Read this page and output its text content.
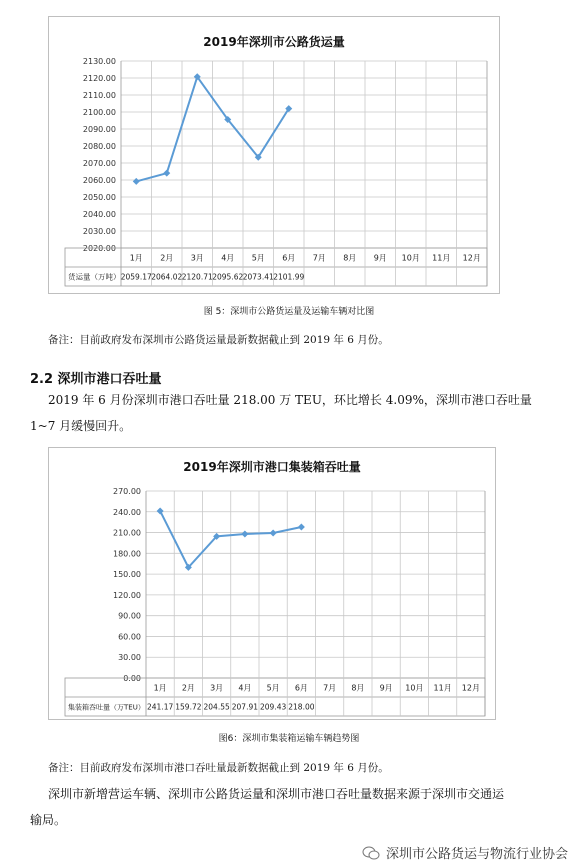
2019年深圳市公路货运量
2020.00
2030.00
2040.00
2050.00
2060.00
2070.00
2080.00
2090.00
2100.00
2110.00
2120.00
2130.00
货运量（万吨）
1月
2059.17
2月
2064.02
3月
2120.71
4月
2095.62
5月
2073.41
6月
2101.99
7月 8月 9月 10月 11月 12月
图 5：深圳市公路货运量及运输车辆对比图
备注：目前政府发布深圳市公路货运量最新数据截止到 2019 年 6 月份。
2.2 深圳市港口吞吐量
2019 年 6 月份深圳市港口吞吐量 218.00 万 TEU，环比增长 4.09%，深圳市港口吞吐量
1~7 月缓慢回升。
2019年深圳市港口集装箱吞吐量
0.00
30.00
60.00
90.00
120.00
150.00
180.00
210.00
240.00
270.00
集装箱吞吐量（万TEU）
1月
241.17
2月
159.72
3月
204.55
4月
207.91
5月
209.43
6月
218.00
7月 8月 9月 10月 11月 12月
图6：深圳市集装箱运输车辆趋势图
备注：目前政府发布深圳市港口吞吐量最新数据截止到 2019 年 6 月份。
深圳市新增营运车辆、深圳市公路货运量和深圳市港口吞吐量数据来源于深圳市交通运
输局。
深圳市公路货运与物流行业协会
